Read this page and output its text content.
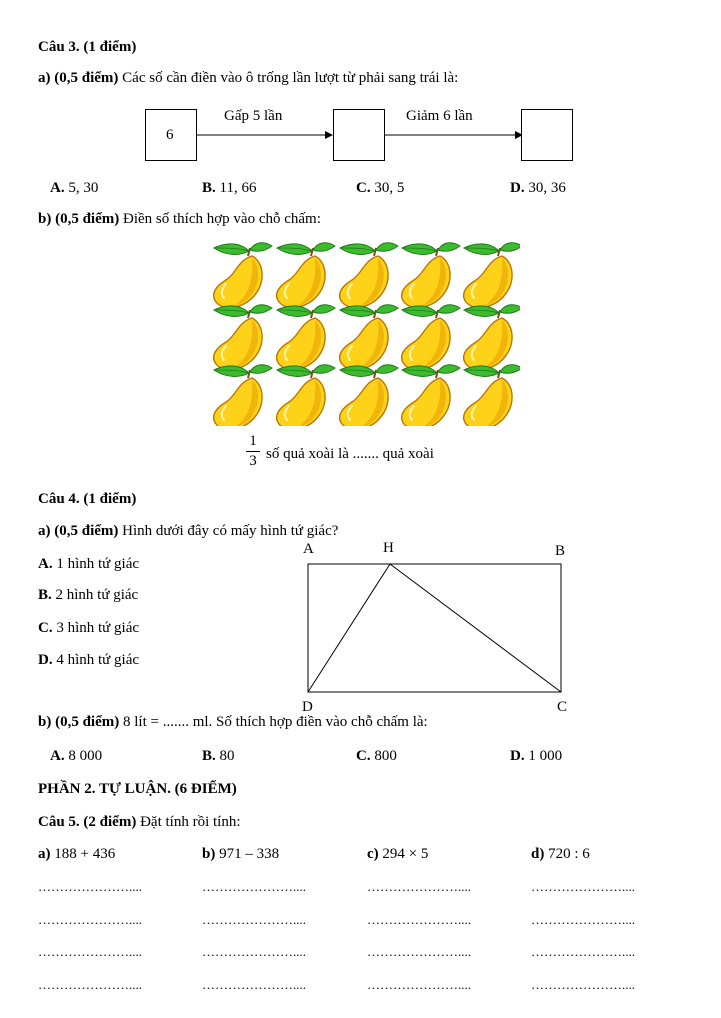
Câu 3. (1 điểm)
a) (0,5 điểm) Các số cần điền vào ô trống lần lượt từ phải sang trái là:
6
Gấp 5 lần	Giảm 6 lần
A. 5, 30	B. 11, 66	C. 30, 5	D. 30, 36
b) (0,5 điểm) Điền số thích hợp vào chỗ chấm:
1
3 số quả xoài là ....... quả xoài
Câu 4. (1 điểm)
a) (0,5 điểm) Hình dưới đây có mấy hình tứ giác?
A. 1 hình tứ giác
B. 2 hình tứ giác
C. 3 hình tứ giác
D. 4 hình tứ giác
A	H	B
C
D
b) (0,5 điểm) 8 lít = ....... ml. Số thích hợp điền vào chỗ chấm là:
A. 8 000	B. 80	C. 800	D. 1 000
PHẦN 2. TỰ LUẬN. (6 ĐIỂM)
Câu 5. (2 điểm) Đặt tính rồi tính:
a) 188 + 436	b) 971 – 338	c) 294 × 5	d) 720 : 6
…………………....	…………………....	…………………....	…………………....
…………………....	…………………....	…………………....	…………………....
…………………....	…………………....	…………………....	…………………....
…………………....	…………………....	…………………....	…………………....
